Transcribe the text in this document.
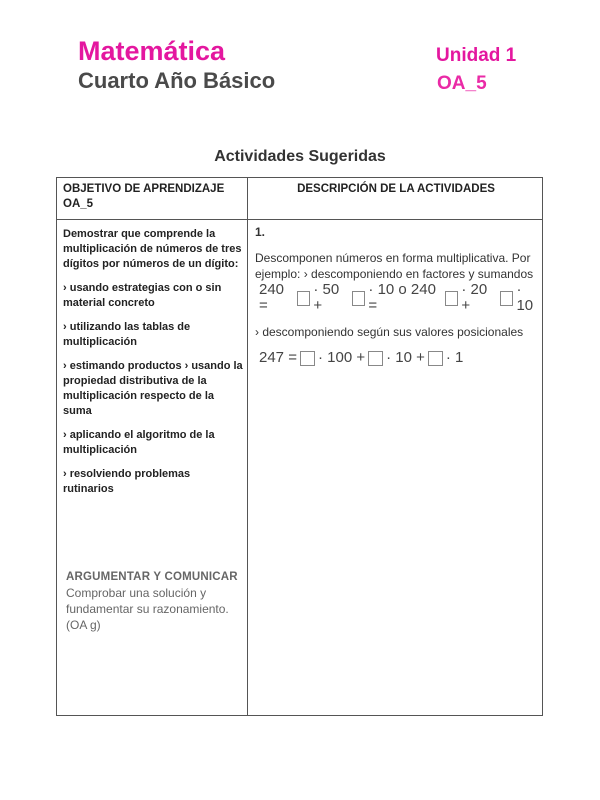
Matemática
Cuarto Año Básico
Unidad 1
OA_5
Actividades Sugeridas
OBJETIVO DE APRENDIZAJE OA_5
DESCRIPCIÓN DE LA ACTIVIDADES

Demostrar que comprende la multiplicación de números de tres dígitos por números de un dígito:

› usando estrategias con o sin material concreto

› utilizando las tablas de multiplicación

› estimando productos › usando la propiedad distributiva de la multiplicación respecto de la suma

› aplicando el algoritmo de la multiplicación

› resolviendo problemas rutinarios

ARGUMENTAR Y COMUNICAR
Comprobar una solución y fundamentar su razonamiento.
(OA g)
1.
Descomponen números en forma multiplicativa. Por ejemplo: › descomponiendo en factores y sumandos
240 =
· 50 +
· 10 o 240 =
· 20 +
· 10
› descomponiendo según sus valores posicionales
247 = · 100 + · 10 + · 1
